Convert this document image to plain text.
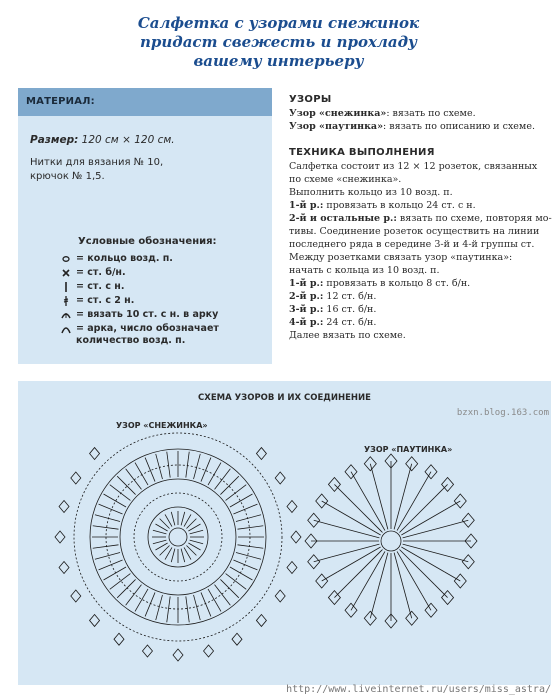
Салфетка с узорами снежинок
придаст свежесть и прохладу
вашему интерьеру
МАТЕРИАЛ:
Размер: 120 см × 120 см.
Нитки для вязания № 10,
крючок № 1,5.
Условные обозначения:
= кольцо возд. п.
= ст. б/н.
= ст. с н.
= ст. с 2 н.
= вязать 10 ст. с н. в арку
= арка, число обозначает
количество возд. п.
УЗОРЫ
Узор «снежинка»: вязать по схеме.
Узор «паутинка»: вязать по описанию и схеме.
ТЕХНИКА ВЫПОЛНЕНИЯ
Салфетка состоит из 12 × 12 розеток, связанных
по схеме «снежинка».
Выполнить кольцо из 10 возд. п.
1-й р.: провязать в кольцо 24 ст. с н.
2-й и остальные р.: вязать по схеме, повторяя мо-
тивы. Соединение розеток осуществить на линии
последнего ряда в середине 3-й и 4-й группы ст.
Между розетками связать узор «паутинка»:
начать с кольца из 10 возд. п.
1-й р.: провязать в кольцо 8 ст. б/н.
2-й р.: 12 ст. б/н.
3-й р.: 16 ст. б/н.
4-й р.: 24 ст. б/н.
Далее вязать по схеме.
СХЕМА УЗОРОВ И ИХ СОЕДИНЕНИЕ
УЗОР «СНЕЖИНКА»
УЗОР «ПАУТИНКА»
bzxn.blog.163.com
http://www.liveinternet.ru/users/miss_astra/
